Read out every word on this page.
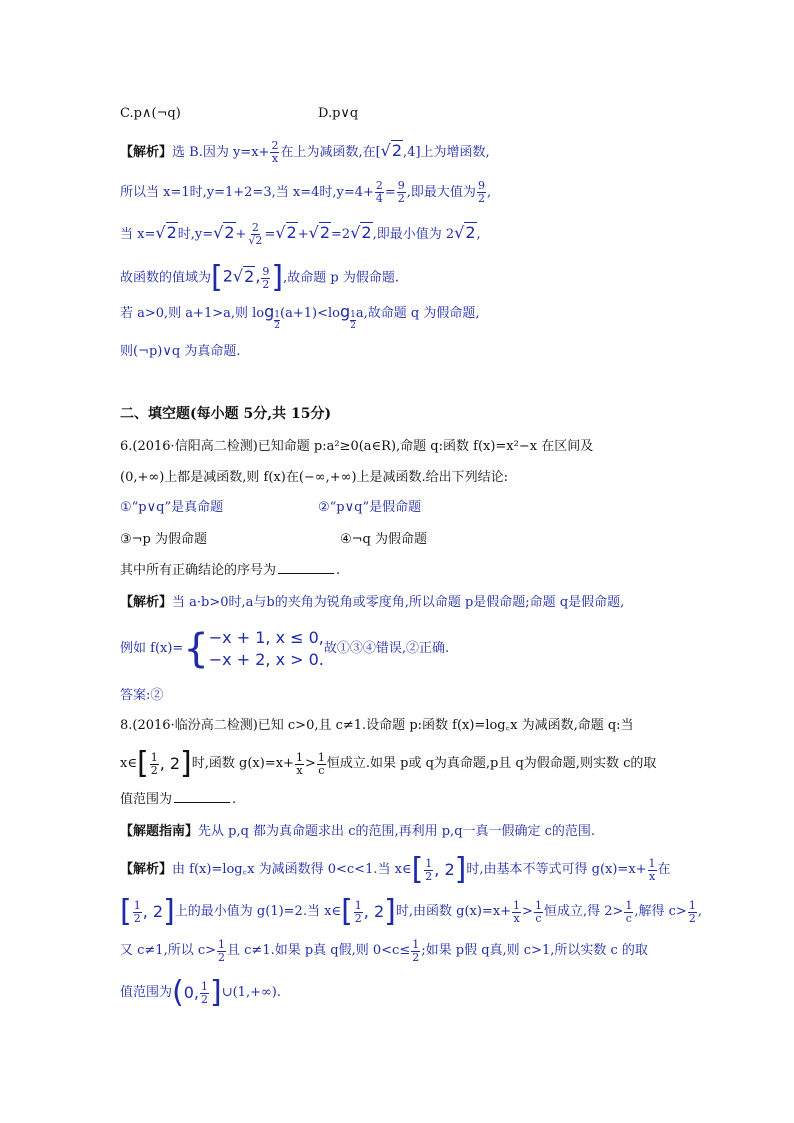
C.p∧(¬q)	D.p∨q
【解析】选 B.因为 $y=x+ \frac{2}{x}$ 在上为减函数,在[√2,4]上为增函数,
所以当 x=1时,y=1+2=3,当 x=4时$,y=4+ \frac{2}{4} = \frac{9}{2}$ ,即最大值为 $\frac{9}{2}$ ,
当 x=√2时$,y=√2+ \frac{2}{√2} =√2+√2=2√2$,即最小值为 2√2,
故函数的值域为[2√2, $\frac{9}{2}$ ],故命题 p 为假命题.
若 a>0,则 a+1>a,则 $\log \frac{1}{2} (a+1)<\log \frac{1}{2} a$,故命题 q 为假命题,
则(¬p)∨q 为真命题.
二、填空题(每小题 5分,共 15分)
6.(2016·信阳高二检测)已知命题 p:a²≥0(a∈R),命题 q:函数 f(x)=x²−x 在区间及
(0,+∞)上都是减函数,则 f(x)在(−∞,+∞)上是减函数.给出下列结论:
①“p∨q”是真命题	②“p∨q”是假命题
③¬p 为假命题	④¬q 为假命题
其中所有正确结论的序号为	.
【解析】当 a·b>0时,a与b的夹角为锐角或零度角,所以命题 p是假命题;命题 q是假命题,
例如 f(x)= { −x + 1, x ≤ 0,
−x + 2, x > 0.
故①③④错误,②正确.
答案:②
8.(2016·临汾高二检测)已知 c>0,且 c≠1.设命题 p:函数 f(x)=log꜀x 为减函数,命题 q:当
x∈ [ $\frac{1}{2}$ , 2 ] 时,函数 $g(x)=x+ \frac{1}{x} > \frac{1}{c}$ 恒成立.如果 p或 q为真命题,p且 q为假命题,则实数 c的取
值范围为	.
【解题指南】先从 p,q 都为真命题求出 c的范围,再利用 p,q一真一假确定 c的范围.
【解析】 由 f(x)=log꜀x 为减函数得 0<c<1.当 x∈ [ $\frac{1}{2}$ , 2 ] 时,由基本不等式可得 $g(x)=x+ \frac{1}{x}$ 在
[ $\frac{1}{2}$ , 2 ] 上的最小值为 g(1)=2.当 x∈ [ $\frac{1}{2}$ , 2 ] 时,由函数 $g(x)=x+ \frac{1}{x} > \frac{1}{c}$ 恒成立,得 $2> \frac{1}{c}$ ,解得 $c> \frac{1}{2}$ ,
又 c≠1,所以 $c> \frac{1}{2}$ 且 c≠1.如果 p真 q假,则 $0<c\le \frac{1}{2}$ ;如果 p假 q真,则 c>1,所以实数 c 的取
值范围为 ( 0, $\frac{1}{2}$ ] ∪(1,+∞).
